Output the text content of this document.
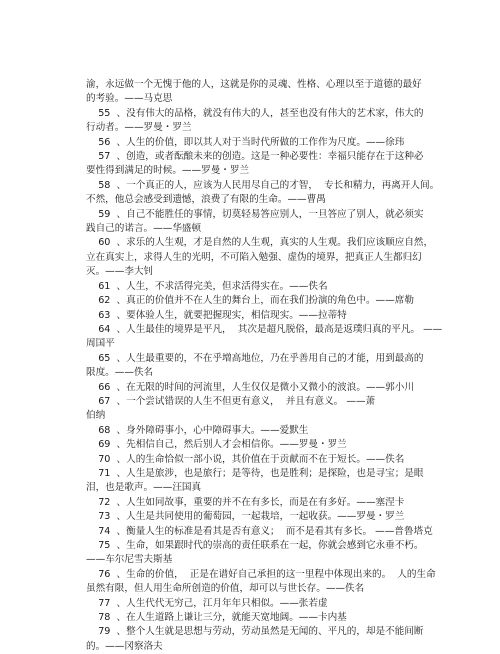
渝，永远做一个无愧于他的人，这就是你的灵魂、性格、心理以至于道德的最好
的考验。——马克思

55  、没有伟大的品格，就没有伟大的人，甚至也没有伟大的艺术家，伟大的
行动者。——罗曼・罗兰

56  、人生的价值，即以其人对于当时代所做的工作作为尺度。——徐玮

57  、创造，或者酝酿未来的创造。这是一种必要性：幸福只能存在于这种必
要性得到满足的时候。——罗曼・罗兰

58  、一个真正的人，应该为人民用尽自己的才智，  专长和精力，再离开人间。
不然，他总会感受到遗憾，浪费了有限的生命。——曹禺

59  、自己不能胜任的事情，切莫轻易答应别人，一旦答应了别人，就必须实
践自己的诺言。——华盛顿

60  、求乐的人生观，才是自然的人生观，真实的人生观。我们应该顺应自然，
立在真实上，求得人生的光明，不可陷入勉强、虚伪的境界，把真正人生都归幻
灭。——李大钊

61  、人生，不求活得完美，但求活得实在。——佚名

62  、真正的价值并不在人生的舞台上，而在我们扮演的角色中。——席勒

63  、要体验人生，就要把握现实，相信现实。——拉蒂特

64  、人生最佳的境界是平凡，  其次是超凡脱俗，最高是返璞归真的平凡。 ——
周国平

65  、人生最重要的，不在乎増高地位，乃在乎善用自己的才能，用到最高的
限度。——佚名

66  、在无限的时间的河流里，人生仅仅是微小又微小的波浪。——郭小川

67  、一个尝试错误的人生不但更有意义，  并且有意义。 ——萧
伯纳

68  、身外障碍事小，心中障碍事大。——爱默生

69  、先相信自己，然后别人才会相信你。——罗曼・罗兰

70  、人的生命恰似一部小说，其价值在于贡献而不在于短长。——佚名

71  、人生是旅涉，也是旅行；是等待，也是胜利；是探险，也是寻宝；是眼
泪，也是歌声。——汪国真

72  、人生如同故事，重要的并不在有多长，而是在有多好。——塞涅卡

73  、人生是共同使用的葡萄园，一起栽培，一起收获。——罗曼・罗兰

74  、衡量人生的标准是看其是否有意义；  而不是看其有多长。 ——普鲁塔克

75  、生命，如果跟时代的崇高的责任联系在一起，你就会感到它永垂不朽。
——车尔尼雪夫斯基

76  、生命的价值，  正是在谱好自己承担的这一里程中体现出来的。  人的生命
虽然有限，但人用生命所创造的价值，却可以与世长存。——佚名

77  、人生代代无穷己，江月年年只相似。——张若虚

78  、在人生道路上谦让三分，就能天宽地阔。——卡内基

79  、整个人生就是思想与劳动，劳动虽然是无闻的、平凡的，却是不能间断
的。——冈察洛夫
